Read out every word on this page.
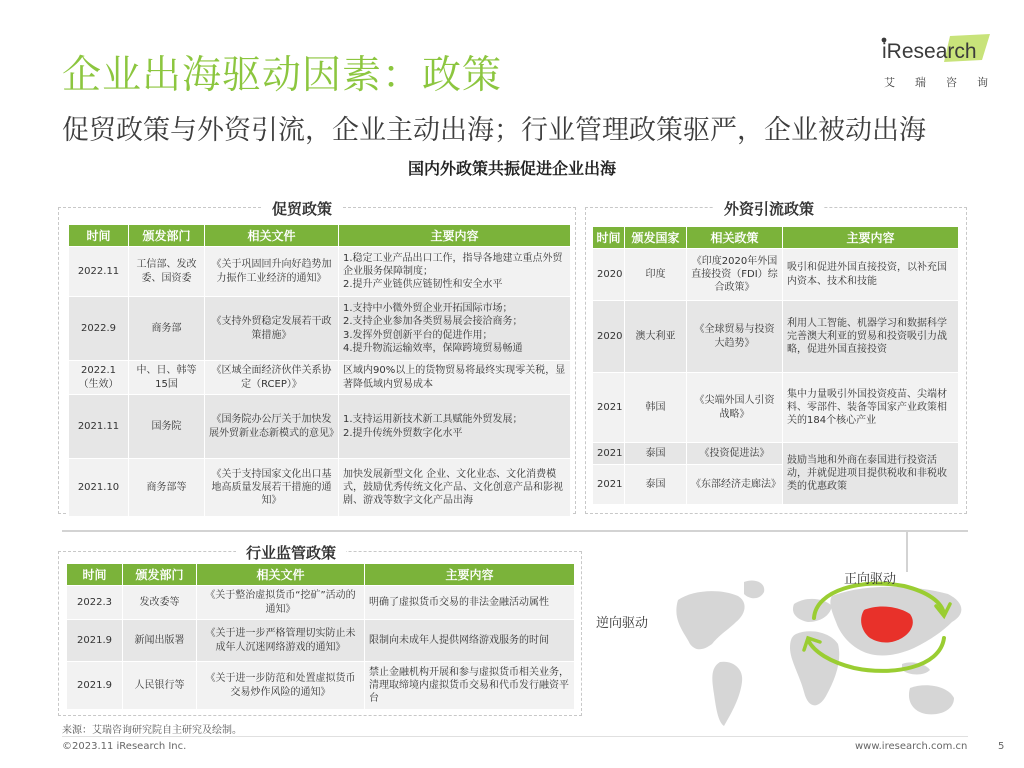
企业出海驱动因素：政策
促贸政策与外资引流，企业主动出海；行业管理政策驱严，企业被动出海
国内外政策共振促进企业出海
iResearch
艾 瑞 咨 询
促贸政策
时间	颁发部门	相关文件	主要内容
2022.11	工信部、发改委、国资委	《关于巩固回升向好趋势加力振作工业经济的通知》	1.稳定工业产品出口工作，指导各地建立重点外贸企业服务保障制度；
2.提升产业链供应链韧性和安全水平
2022.9	商务部	《支持外贸稳定发展若干政策措施》	1.支持中小微外贸企业开拓国际市场；
2.支持企业参加各类贸易展会接洽商务；
3.发挥外贸创新平台的促进作用；
4.提升物流运输效率，保障跨境贸易畅通
2022.1
（生效）	中、日、韩等15国	《区域全面经济伙伴关系协定（RCEP）》	区域内90%以上的货物贸易将最终实现零关税，显著降低域内贸易成本
2021.11	国务院	《国务院办公厅关于加快发展外贸新业态新模式的意见》	1.支持运用新技术新工具赋能外贸发展；
2.提升传统外贸数字化水平
2021.10	商务部等	《关于支持国家文化出口基地高质量发展若干措施的通知》	加快发展新型文化 企业、文化业态、文化消费模式，鼓励优秀传统文化产品、文化创意产品和影视剧、游戏等数字文化产品出海
外资引流政策
时间	颁发国家	相关政策	主要内容
2020	印度	《印度2020年外国直接投资（FDI）综合政策》	吸引和促进外国直接投资，以补充国内资本、技术和技能
2020	澳大利亚	《全球贸易与投资大趋势》	利用人工智能、机器学习和数据科学完善澳大利亚的贸易和投资吸引力战略，促进外国直接投资
2021	韩国	《尖端外国人引资战略》	集中力量吸引外国投资疫苗、尖端材料、零部件、装备等国家产业政策相关的184个核心产业
2021	泰国	《投资促进法》	鼓励当地和外商在泰国进行投资活动，并就促进项目提供税收和非税收类的优惠政策
2021	泰国	《东部经济走廊法》	
行业监管政策
时间	颁发部门	相关文件	主要内容
2022.3	发改委等	《关于整治虚拟货币“挖矿”活动的通知》	明确了虚拟货币交易的非法金融活动属性
2021.9	新闻出版署	《关于进一步严格管理切实防止未成年人沉迷网络游戏的通知》	限制向未成年人提供网络游戏服务的时间
2021.9	人民银行等	《关于进一步防范和处置虚拟货币交易炒作风险的通知》	禁止金融机构开展和参与虚拟货币相关业务，清理取缔境内虚拟货币交易和代币发行融资平台
正向驱动
逆向驱动
来源：艾瑞咨询研究院自主研究及绘制。
©2023.11 iResearch Inc.	www.iresearch.com.cn	5
